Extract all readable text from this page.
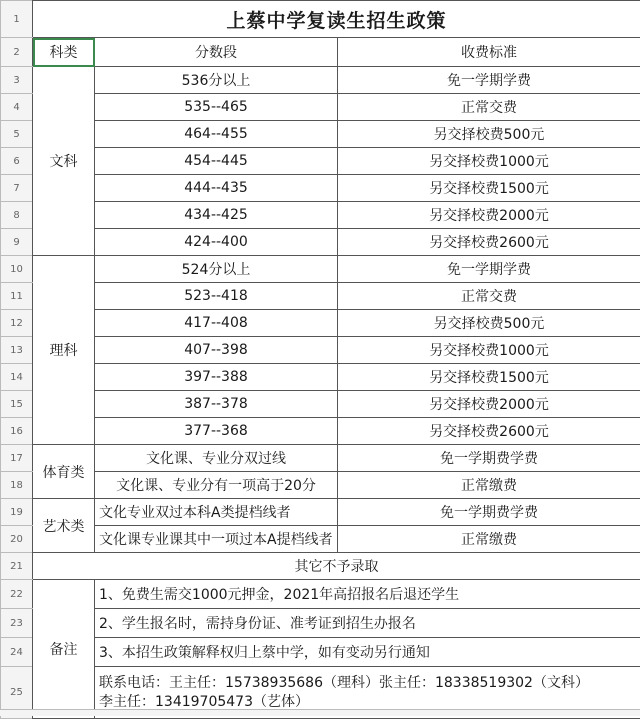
1	上蔡中学复读生招生政策		
2	科类	分数段	收费标准
3	文科	536分以上	免一学期学费
4		535--465	正常交费
5		464--455	另交择校费500元
6		454--445	另交择校费1000元
7		444--435	另交择校费1500元
8		434--425	另交择校费2000元
9		424--400	另交择校费2600元
10	理科	524分以上	免一学期学费
11		523--418	正常交费
12		417--408	另交择校费500元
13		407--398	另交择校费1000元
14		397--388	另交择校费1500元
15		387--378	另交择校费2000元
16		377--368	另交择校费2600元
17	体育类	文化课、专业分双过线	免一学期费学费
18		文化课、专业分有一项高于20分	正常缴费
19	艺术类	文化专业双过本科A类提档线者	免一学期费学费
20		文化课专业课其中一项过本A提档线者	正常缴费
21	其它不予录取		
22	备注	1、免费生需交1000元押金，2021年高招报名后退还学生	
23		2、学生报名时，需持身份证、准考证到招生办报名	
24		3、本招生政策解释权归上蔡中学，如有变动另行通知	
25		联系电话：王主任：15738935686（理科）张主任：18338519302（文科）
李主任：13419705473（艺体）	
